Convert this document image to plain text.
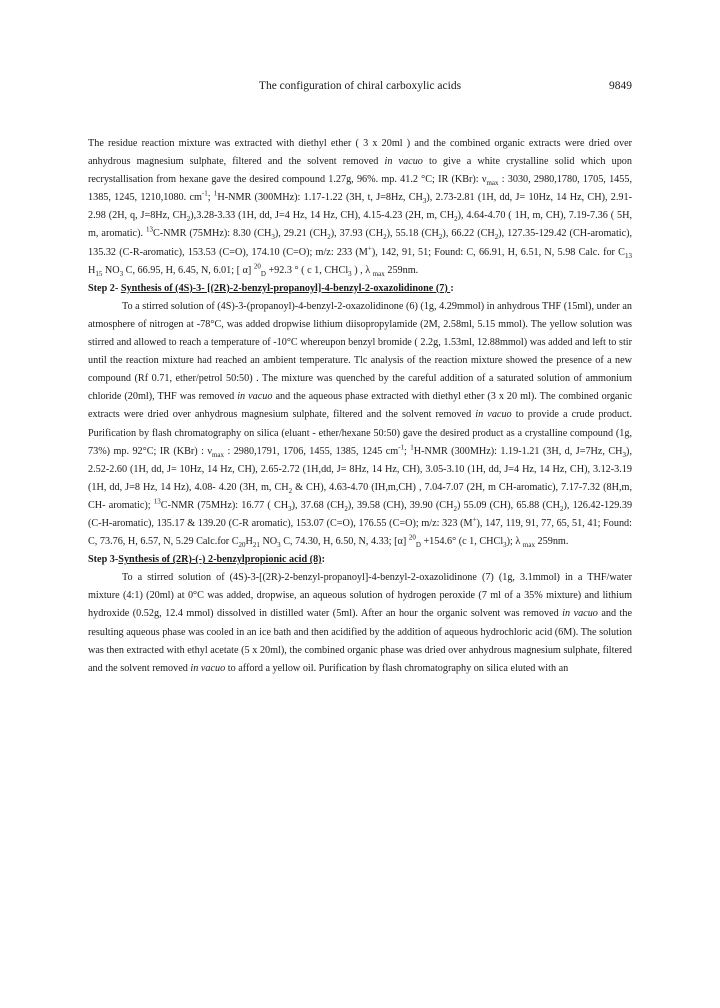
The configuration of chiral carboxylic acids	9849

The residue reaction mixture was extracted with diethyl ether ( 3 x 20ml ) and the combined organic extracts were dried over anhydrous magnesium sulphate, filtered and the solvent removed in vacuo to give a white crystalline solid which upon recrystallisation from hexane gave the desired compound 1.27g, 96%. mp. 41.2 °C; IR (KBr): $\nu_{max}$ : 3030, 2980,1780, 1705, 1455, 1385, 1245, 1210,1080. $cm^{-1}$; $^1$H-NMR (300MHz): 1.17-1.22 (3H, t, J=8Hz, $CH_3$), 2.73-2.81 (1H, dd, J= 10Hz, 14 Hz, CH), 2.91-2.98 (2H, q, J=8Hz, $CH_2),3.28-3.33$ (1H, dd, J=4 Hz, 14 Hz, CH), 4.15-4.23 (2H, m, $CH_2$), 4.64-4.70 ( 1H, m, CH), 7.19-7.36 ( 5H, m, aromatic). $^{13}$C-NMR (75MHz): 8.30 $(CH_3)$, 29.21 $(CH_2)$, 37.93 $(CH_2)$, 55.18 $(CH_2)$, 66.22 $(CH_2)$, 127.35-129.42 (CH-aromatic), 135.32 (C-R-aromatic), 153.53 (C=O), 174.10 (C=O); m/z: 233 (M+), 142, 91, 51; Found: C, 66.91, H, 6.51, N, 5.98 Calc. for $C_{13}$ $H_{15}$ $NO_3$ C, 66.95, H, 6.45, N, 6.01; [ α] $^{20}_D$ +92.3 ° ( c 1, CHCl$_3$ ) , λ $_{max}$ 259nm.

Step 2- Synthesis of (4S)-3- [(2R)-2-benzyl-propanoyl]-4-benzyl-2-oxazolidinone (7) :

To a stirred solution of (4S)-3-(propanoyl)-4-benzyl-2-oxazolidinone (6) (1g, 4.29mmol) in anhydrous THF (15ml), under an atmosphere of nitrogen at -78°C, was added dropwise lithium diisopropylamide (2M, 2.58ml, 5.15 mmol). The yellow solution was stirred and allowed to reach a temperature of -10°C whereupon benzyl bromide ( 2.2g, 1.53ml, 12.88mmol) was added and left to stir until the reaction mixture had reached an ambient temperature. Tlc analysis of the reaction mixture showed the presence of a new compound (Rf 0.71, ether/petrol 50:50) . The mixture was quenched by the careful addition of a saturated solution of ammonium chloride (20ml), THF was removed in vacuo and the aqueous phase extracted with diethyl ether (3 x 20 ml). The combined organic extracts were dried over anhydrous magnesium sulphate, filtered and the solvent removed in vacuo to provide a crude product. Purification by flash chromatography on silica (eluant - ether/hexane 50:50) gave the desired product as a crystalline compound (1g, 73%) mp. 92°C; IR (KBr) : $\nu_{max}$ : 2980,1791, 1706, 1455, 1385, 1245 $cm^{-1}$; $^1$H-NMR (300MHz): 1.19-1.21 (3H, d, J=7Hz, $CH_3$), 2.52-2.60 (1H, dd, J= 10Hz, 14 Hz, CH), 2.65-2.72 (1H,dd, J= 8Hz, 14 Hz, CH), 3.05-3.10 (1H, dd, J=4 Hz, 14 Hz, CH), 3.12-3.19 (1H, dd, J=8 Hz, 14 Hz), 4.08- 4.20 (3H, m, $CH_2$ & CH), 4.63-4.70 (IH,m,CH) , 7.04-7.07 (2H, m CH-aromatic), 7.17-7.32 (8H,m, CH- aromatic); $^{13}$C-NMR (75MHz): 16.77 ( $CH_3$), 37.68 $(CH_2)$, 39.58 (CH), 39.90 $(CH_2)$ 55.09 (CH), 65.88 $(CH_2)$, 126.42-129.39 (C-H-aromatic), 135.17 & 139.20 (C-R aromatic), 153.07 (C=O), 176.55 (C=O); m/z: 323 (M+), 147, 119, 91, 77, 65, 51, 41; Found: C, 73.76, H, 6.57, N, 5.29 Calc.for $C_{20}H_{21}$ $NO_3$ C, 74.30, H, 6.50, N, 4.33; [α] $^{20}_D$ +154.6° (c 1, CHCl$_3$); λ $_{max}$ 259nm.

Step 3-Synthesis of (2R)-(-) 2-benzylpropionic acid (8):

To a stirred solution of (4S)-3-[(2R)-2-benzyl-propanoyl]-4-benzyl-2-oxazolidinone (7) (1g, 3.1mmol) in a THF/water mixture (4:1) (20ml) at 0°C was added, dropwise, an aqueous solution of hydrogen peroxide (7 ml of a 35% mixture) and lithium hydroxide (0.52g, 12.4 mmol) dissolved in distilled water (5ml). After an hour the organic solvent was removed in vacuo and the resulting aqueous phase was cooled in an ice bath and then acidified by the addition of aqueous hydrochloric acid (6M). The solution was then extracted with ethyl acetate (5 x 20ml), the combined organic phase was dried over anhydrous magnesium sulphate, filtered and the solvent removed in vacuo to afford a yellow oil. Purification by flash chromatography on silica eluted with an
